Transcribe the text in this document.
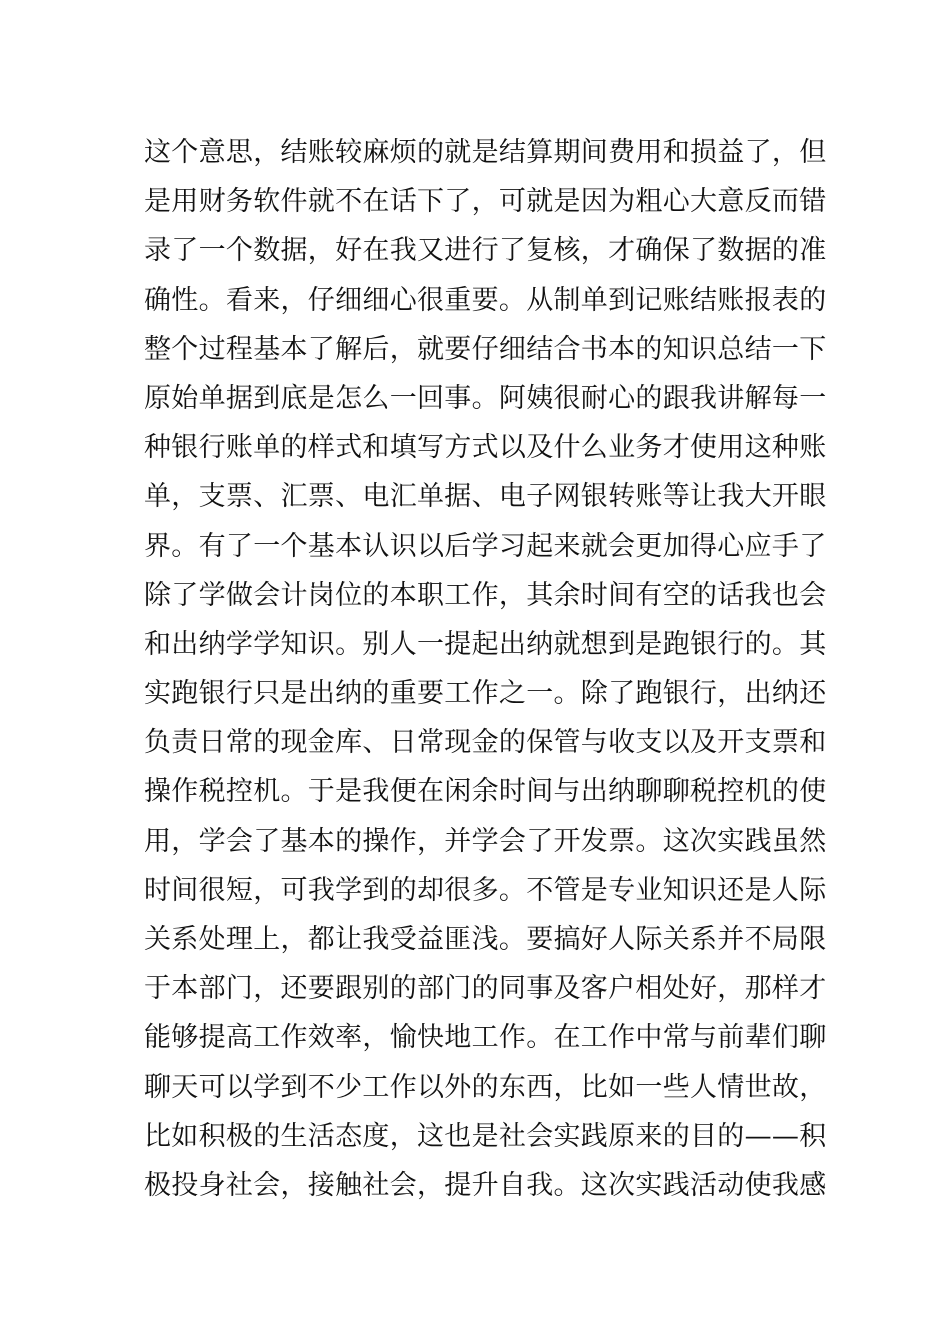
这个意思，结账较麻烦的就是结算期间费用和损益了，但
是用财务软件就不在话下了，可就是因为粗心大意反而错
录了一个数据，好在我又进行了复核，才确保了数据的准
确性。看来，仔细细心很重要。从制单到记账结账报表的
整个过程基本了解后，就要仔细结合书本的知识总结一下
原始单据到底是怎么一回事。阿姨很耐心的跟我讲解每一
种银行账单的样式和填写方式以及什么业务才使用这种账
单，支票、汇票、电汇单据、电子网银转账等让我大开眼
界。有了一个基本认识以后学习起来就会更加得心应手了
除了学做会计岗位的本职工作，其余时间有空的话我也会
和出纳学学知识。别人一提起出纳就想到是跑银行的。其
实跑银行只是出纳的重要工作之一。除了跑银行，出纳还
负责日常的现金库、日常现金的保管与收支以及开支票和
操作税控机。于是我便在闲余时间与出纳聊聊税控机的使
用，学会了基本的操作，并学会了开发票。这次实践虽然
时间很短，可我学到的却很多。不管是专业知识还是人际
关系处理上，都让我受益匪浅。要搞好人际关系并不局限
于本部门，还要跟别的部门的同事及客户相处好，那样才
能够提高工作效率，愉快地工作。在工作中常与前辈们聊
聊天可以学到不少工作以外的东西，比如一些人情世故，
比如积极的生活态度，这也是社会实践原来的目的——积
极投身社会，接触社会，提升自我。这次实践活动使我感
